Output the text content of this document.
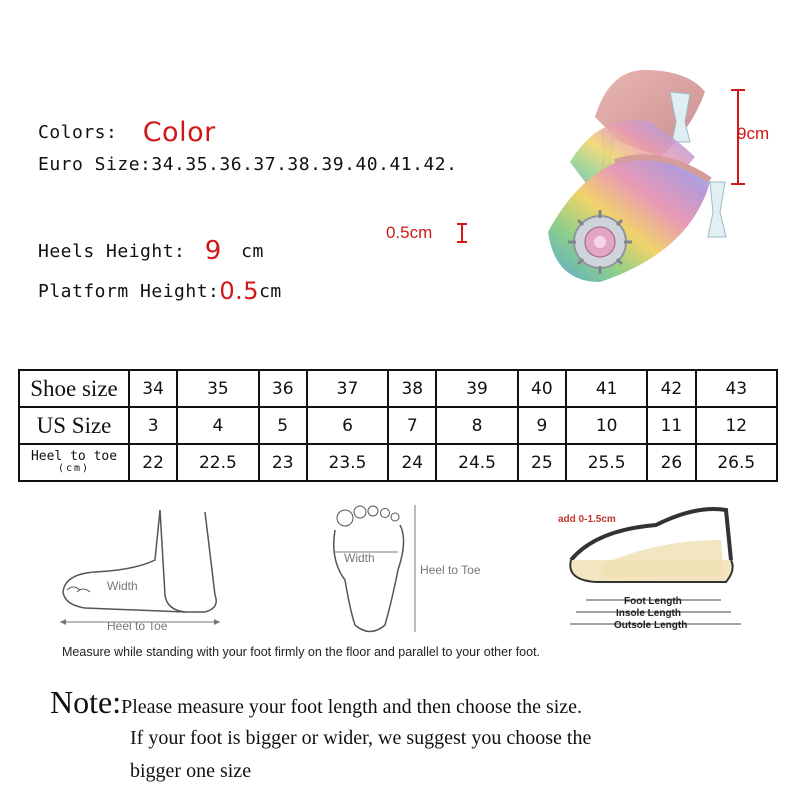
Colors: Color
Euro Size:34.35.36.37.38.39.40.41.42.
Heels Height: 9 cm
Platform Height:0.5cm
9cm
0.5cm
Shoe size	34	35	36	37	38	39	40	41	42	43
US Size	3	4	5	6	7	8	9	10	11	12

Heel to toe
(cm)	22	22.5	23	23.5	24	24.5	25	25.5	26	26.5
Width
Heel to Toe
Width
Heel to Toe
add 0-1.5cm
Foot Length
Insole Length
Outsole Length
Measure while standing with your foot firmly on the floor and parallel to your other foot.
Note:Please measure your foot length and then choose the size.
If your foot is bigger or wider, we suggest you choose the
bigger one size
